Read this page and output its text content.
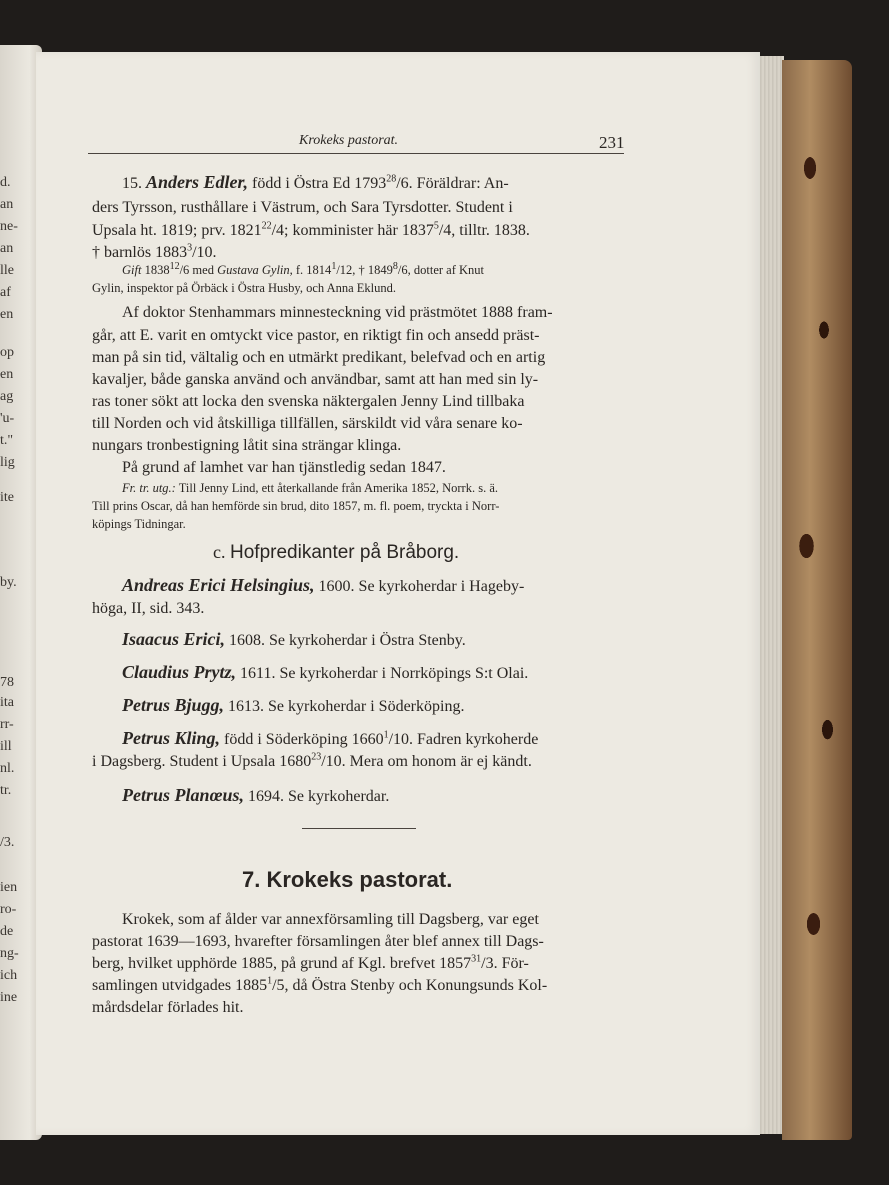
d.
an
ne-
an
lle
af
en
op
en
ag
'u-
t."
lig
ite
by.
78
ita
rr-
ill
nl.
tr.
/3.
ien
ro-
de
ng-
ich
ine
Krokeks pastorat.	231
15. Anders Edler, född i Östra Ed 1793$^{28}$/6. Föräldrar: An-
ders Tyrsson, rusthållare i Västrum, och Sara Tyrsdotter. Student i
Upsala ht. 1819; prv. 1821$^{22}$/4; komminister här 1837$^5$/4, tilltr. 1838.
† barnlös 1883$^3$/10.
Gift 1838$^{12}$/6 med Gustava Gylin, f. 1814$^1$/12, † 1849$^8$/6, dotter af Knut
Gylin, inspektor på Örbäck i Östra Husby, och Anna Eklund.
Af doktor Stenhammars minnesteckning vid prästmötet 1888 fram-
går, att E. varit en omtyckt vice pastor, en riktigt fin och ansedd präst-
man på sin tid, vältalig och en utmärkt predikant, belefvad och en artig
kavaljer, både ganska använd och användbar, samt att han med sin ly-
ras toner sökt att locka den svenska näktergalen Jenny Lind tillbaka
till Norden och vid åtskilliga tillfällen, särskildt vid våra senare ko-
nungars tronbestigning låtit sina strängar klinga.
På grund af lamhet var han tjänstledig sedan 1847.
Fr. tr. utg.: Till Jenny Lind, ett återkallande från Amerika 1852, Norrk. s. ä.
Till prins Oscar, då han hemförde sin brud, dito 1857, m. fl. poem, tryckta i Norr-
köpings Tidningar.
c. Hofpredikanter på Bråborg.
Andreas Erici Helsingius, 1600. Se kyrkoherdar i Hageby-
höga, II, sid. 343.
Isaacus Erici, 1608. Se kyrkoherdar i Östra Stenby.
Claudius Prytz, 1611. Se kyrkoherdar i Norrköpings S:t Olai.
Petrus Bjugg, 1613. Se kyrkoherdar i Söderköping.
Petrus Kling, född i Söderköping 1660$^1$/10. Fadren kyrkoherde
i Dagsberg. Student i Upsala 1680$^{23}$/10. Mera om honom är ej kändt.
Petrus Planœus, 1694. Se kyrkoherdar.
7. Krokeks pastorat.
Krokek, som af ålder var annexförsamling till Dagsberg, var eget
pastorat 1639—1693, hvarefter församlingen åter blef annex till Dags-
berg, hvilket upphörde 1885, på grund af Kgl. brefvet 1857$^{31}$/3. För-
samlingen utvidgades 1885$^1$/5, då Östra Stenby och Konungsunds Kol-
mårdsdelar förlades hit.
